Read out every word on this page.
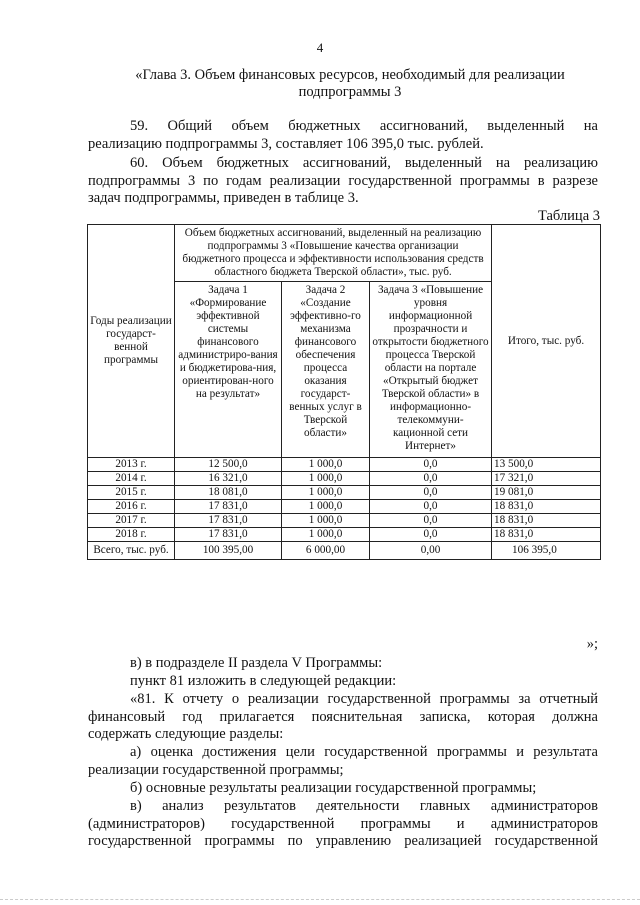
4
«Глава 3. Объем финансовых ресурсов, необходимый для реализации
подпрограммы 3
59. Общий объем бюджетных ассигнований, выделенный на
реализацию подпрограммы 3, составляет 106 395,0 тыс. рублей.
60. Объем бюджетных ассигнований, выделенный на реализацию
подпрограммы 3 по годам реализации государственной программы в разрезе
задач подпрограммы, приведен в таблице 3.
Таблица 3
Годы реализации государст-венной программы	Объем бюджетных ассигнований, выделенный на реализацию подпрограммы 3 «Повышение качества организации бюджетного процесса и эффективности использования средств областного бюджета Тверской области», тыс. руб.			Итого, тыс. руб.
	Задача 1 «Формирование эффективной системы финансового администриро-вания и бюджетирова-ния, ориентирован-ного на результат»	Задача 2 «Создание эффективно-го механизма финансового обеспечения процесса оказания государст-венных услуг в Тверской области»	Задача 3 «Повышение уровня информационной прозрачности и открытости бюджетного процесса Тверской области на портале «Открытый бюджет Тверской области» в информационно-телекоммуни-кационной сети Интернет»	
2013 г.	12 500,0	1 000,0	0,0	13 500,0
2014 г.	16 321,0	1 000,0	0,0	17 321,0
2015 г.	18 081,0	1 000,0	0,0	19 081,0
2016 г.	17 831,0	1 000,0	0,0	18 831,0
2017 г.	17 831,0	1 000,0	0,0	18 831,0
2018 г.	17 831,0	1 000,0	0,0	18 831,0
Всего, тыс. руб.	100 395,00	6 000,00	0,00	106 395,0
»;
в) в подразделе II раздела V Программы:
пункт 81 изложить в следующей редакции:
«81. К отчету о реализации государственной программы за отчетный
финансовый год прилагается пояснительная записка, которая должна
содержать следующие разделы:
а) оценка достижения цели государственной программы и результата
реализации государственной программы;
б) основные результаты реализации государственной программы;
в) анализ результатов деятельности главных администраторов
(администраторов) государственной программы и администраторов
государственной программы по управлению реализацией государственной
